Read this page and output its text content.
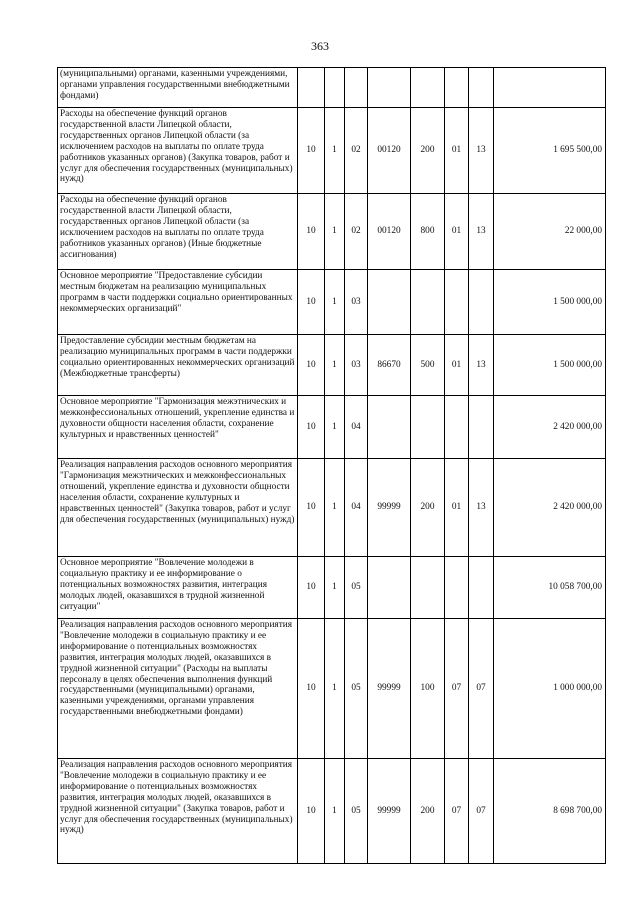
363
(муниципальными) органами, казенными учреждениями, органами управления государственными внебюджетными фондами)								
Расходы на обеспечение функций органов государственной власти Липецкой области, государственных органов Липецкой области (за исключением расходов на выплаты по оплате труда работников указанных органов) (Закупка товаров, работ и услуг для обеспечения государственных (муниципальных) нужд)	10	1	02	00120	200	01	13	1 695 500,00
Расходы на обеспечение функций органов государственной власти Липецкой области, государственных органов Липецкой области (за исключением расходов на выплаты по оплате труда работников указанных органов) (Иные бюджетные ассигнования)	10	1	02	00120	800	01	13	22 000,00
Основное мероприятие "Предоставление субсидии местным бюджетам на реализацию муниципальных программ в части поддержки социально ориентированных некоммерческих организаций"	10	1	03					1 500 000,00
Предоставление субсидии местным бюджетам на реализацию муниципальных программ в части поддержки социально ориентированных некоммерческих организаций (Межбюджетные трансферты)	10	1	03	86670	500	01	13	1 500 000,00
Основное мероприятие "Гармонизация межэтнических и межконфессиональных отношений, укрепление единства и духовности общности населения области, сохранение культурных и нравственных ценностей"	10	1	04					2 420 000,00
Реализация направления расходов основного мероприятия "Гармонизация межэтнических и межконфессиональных отношений, укрепление единства и духовности общности населения области, сохранение культурных и нравственных ценностей" (Закупка товаров, работ и услуг для обеспечения государственных (муниципальных) нужд)	10	1	04	99999	200	01	13	2 420 000,00
Основное мероприятие "Вовлечение молодежи в социальную практику и ее информирование о потенциальных возможностях развития, интеграция молодых людей, оказавшихся в трудной жизненной ситуации"	10	1	05					10 058 700,00
Реализация направления расходов основного мероприятия "Вовлечение молодежи в социальную практику и ее информирование о потенциальных возможностях развития, интеграция молодых людей, оказавшихся в трудной жизненной ситуации" (Расходы на выплаты персоналу в целях обеспечения выполнения функций государственными (муниципальными) органами, казенными учреждениями, органами управления государственными внебюджетными фондами)	10	1	05	99999	100	07	07	1 000 000,00
Реализация направления расходов основного мероприятия "Вовлечение молодежи в социальную практику и ее информирование о потенциальных возможностях развития, интеграция молодых людей, оказавшихся в трудной жизненной ситуации" (Закупка товаров, работ и услуг для обеспечения государственных (муниципальных) нужд)	10	1	05	99999	200	07	07	8 698 700,00
